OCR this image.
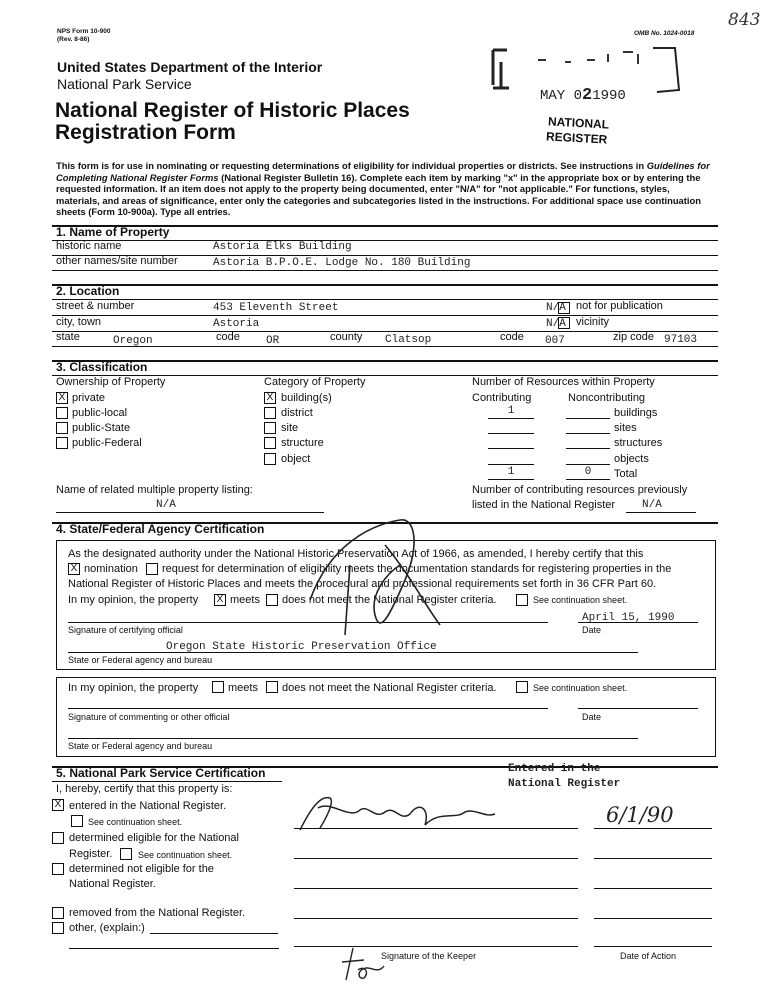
NPS Form 10-900
(Rev. 8-86)
OMB No. 1024-0018
843
United States Department of the Interior
National Park Service
National Register of Historic Places
Registration Form
MAY 021990
NATIONAL
REGISTER
This form is for use in nominating or requesting determinations of eligibility for individual properties or districts. See instructions in Guidelines for Completing National Register Forms (National Register Bulletin 16). Complete each item by marking "x" in the appropriate box or by entering the requested information. If an item does not apply to the property being documented, enter "N/A" for "not applicable." For functions, styles, materials, and areas of significance, enter only the categories and subcategories listed in the instructions. For additional space use continuation sheets (Form 10-900a). Type all entries.
1. Name of Property
historic name	Astoria Elks Building
other names/site number	Astoria B.P.O.E. Lodge No. 180 Building
2. Location
street & number	453 Eleventh Street	N/A not for publication
city, town	Astoria	N/A vicinity
state	Oregon	code OR	county Clatsop	code 007	zip code 97103
3. Classification
Ownership of Property	Category of Property	Number of Resources within Property
X private
public-local
public-State
public-Federal
X building(s)
district
site
structure
object
Contributing	Noncontributing
1	buildings
sites
structures
objects
1	0	Total
Name of related multiple property listing:
N/A
Number of contributing resources previously
listed in the National Register	N/A
4. State/Federal Agency Certification
As the designated authority under the National Historic Preservation Act of 1966, as amended, I hereby certify that this
X nomination request for determination of eligibility meets the documentation standards for registering properties in the
National Register of Historic Places and meets the procedural and professional requirements set forth in 36 CFR Part 60.
In my opinion, the property X meets does not meet the National Register criteria.	See continuation sheet.
April 15, 1990
Signature of certifying official	Date
Oregon State Historic Preservation Office
State or Federal agency and bureau
In my opinion, the property	meets does not meet the National Register criteria.	See continuation sheet.
Signature of commenting or other official	Date
State or Federal agency and bureau
5. National Park Service Certification	Entered in the
National Register
I, hereby, certify that this property is:
X entered in the National Register.
See continuation sheet.
determined eligible for the National
Register.	See continuation sheet.
determined not eligible for the
National Register.
removed from the National Register.
other, (explain:)
6/1/90
Signature of the Keeper	Date of Action
